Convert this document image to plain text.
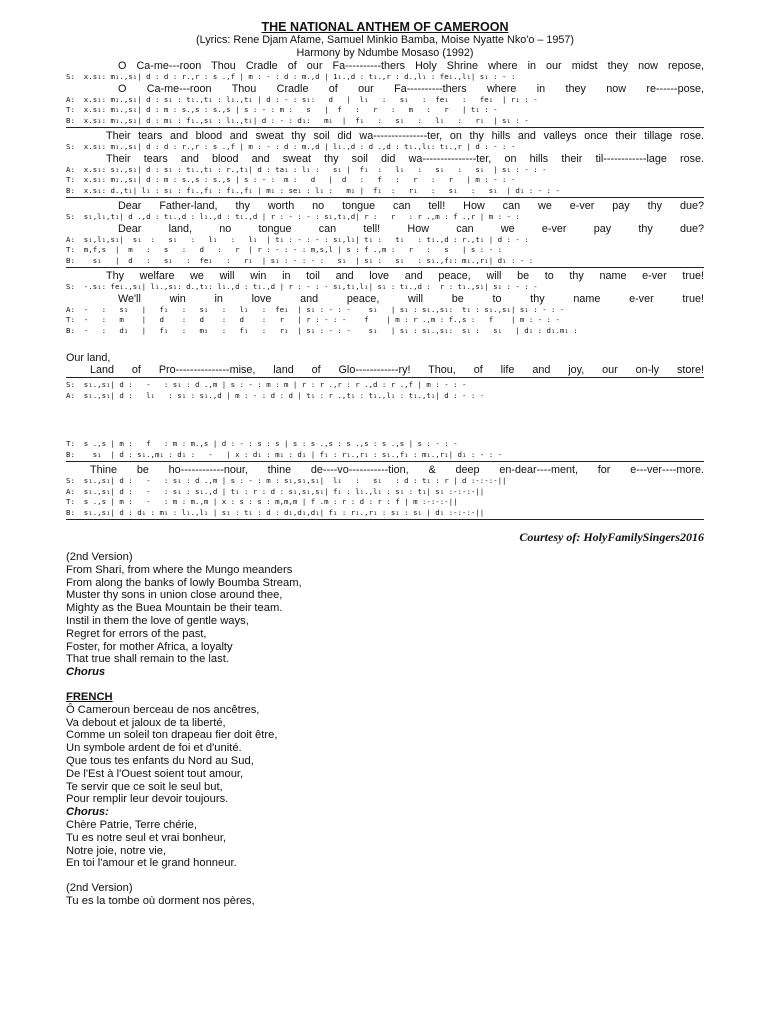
THE NATIONAL ANTHEM OF CAMEROON
(Lyrics: Rene Djam Afame, Samuel Minkio Bamba, Moise Nyatte Nko'o – 1957)
Harmony by Ndumbe Mosaso (1992)
O Ca-me---roon Thou Cradle of our Fa----------thers Holy Shrine where in our midst they now repose,
S:  x.s₁: m₁.,s₁| d : d : r.,r : s .,f | m : - : d : m.,d | 1₁.,d : t₁.,r : d.,l₁ : fe₁.,l₁| s₁ : - :
O Ca-me---roon Thou Cradle of our Fa----------thers where in they now re------pose,
A:  x.s₁: m₁.,s₁| d : s₁ : t₁.,t₁ : l₁.,t₁ | d : - : s₁:   d   |  l₁   :   s₁   :  fe₁   :   fe₁  | r₁ : -
T:  x.s₁: m₁.,s₁| d : m : s.,s : s.,s | s : - : m :   s   |  f   :   r   :   m   :   r   | t₁ : -
B:  x.s₁: m₁.,s₁| d : m₁ : f₁.,s₁ : l₁.,t₁| d : - : d₁:   m₁  |  f₁   :   s₁   :   l₁   :   r₁  | s₁ : -
Their tears and blood and sweat thy soil did wa---------------ter, on thy hills and valleys once their tillage rose.
S:  x.s₁: m₁.,s₁| d : d : r.,r : s .,f | m : - : d : m.,d | l₁.,d : d .,d : t₁.,l₁: t₁.,r | d : - : -
Their tears and blood and sweat thy soil did wa---------------ter, on hills their til------------lage rose.
A:  x.s₁: s₁.,s₁| d : s₁ : t₁.,t₁ : r.,t₁| d : ta₁ : l₁ :   s₁ |  f₁  :   l₁   :   s₁   :   s₁  | s₁ : - : -
T:  x.s₁: m₁.,s₁| d : m : s.,s : s.,s | s : - :  m :   d   |  d   :   f   :   r   :   r   | m : - : -
B:  x.s₁: d.,t₁| l₁ : s₁ : f₁.,f₁ : f₁.,f₁ | m₁ : se₁ : l₁ :   m₁ |  f₁  :   r₁   :   s₁   :   s₁  | d₁ : - : -
Dear Father-land, thy worth no tongue can tell! How can we e-ver pay thy due?
S:  s₁,l₁,t₁| d .,d : t₁.,d : l₁.,d : t₁.,d | r : - : - : s₁,t₁,d| r :   r   : r .,m : f .,r | m : - :
Dear land, no tongue can tell! How can we e-ver pay thy due?
A:  s₁,l₁,s₁|  s₁  :   s₁   :   l₁   :   l₁  | t₁ : - : - : s₁,l₁| t₁ :   t₁   : t₁.,d : r.,t₁ | d : - :
T:  m,f,s  |  m   :   s   :   d   :   r  | r : - : - : m,s,l | s : f .,m :   r   :   s   | s : - :
B:    s₁   |  d   :   s₁   :  fe₁   :   r₁  | s₁ : - : - :   s₁  | s₁ :   s₁   : s₁.,f₁: m₁.,r₁| d₁ : - :
Thy welfare we will win in toil and love and peace, will be to thy name e-ver true!
S:  -.s₁: fe₁.,s₁| l₁.,s₁: d.,t₁: l₁.,d : t₁.,d | r : - : - s₁,t₁,l₁| s₁ : t₁.,d :  r : t₁.,s₁| s₁ : - : -
We'll win in love and peace, will be to thy name e-ver true!
A:  -   :   s₁   |   f₁   :   s₁   :   l₁   :  fe₁  | s₁ : - : -    s₁   | s₁ : s₁.,s₁:  t₁ : s₁.,s₁| s₁ : - : -
T:  -   :   m    |   d    :   d    :   d    :   r   | r : - : -    f    | m : r .,m : f.,s :   f    | m : - : -
B:  -   :   d₁   |   f₁   :   m₁   :   f₁   :   r₁  | s₁ : - : -    s₁   | s₁ : s₁.,s₁:  s₁ :   s₁   | d₁ : d₁.m₁ :
Our land,
Land of Pro---------------mise, land of Glo------------ry! Thou, of life and joy, our on-ly store!
S:  s₁.,s₁| d :   -   : s₁ : d .,m | s : - : m : m | r : r .,r : r .,d : r .,f | m : - : -
A:  s₁.,s₁| d :   l₁   : s₁ : s₁.,d | m : - : d : d | t₁ : r .,t₁ : t₁.,l₁ : t₁.,t₁| d : - : -
T:  s .,s | m :   f   : m : m.,s | d : - : s : s | s : s .,s : s .,s : s .,s | s : - : -
B:    s₁  | d : s₁.,m₁ : d₁ :   -   | x : d₁ : m₁ : d₁ | f₁ : r₁.,r₁ : s₁.,f₁ : m₁.,r₁| d₁ : - : -
Thine be ho------------nour, thine de----vo-----------tion, & deep en-dear----ment, for e---ver----more.
S:  s₁.,s₁| d :   -   : s₁ : d .,m | s : - : m : s₁,s₁,s₁|  l₁   :   s₁   : d : t₁ : r | d :-:-:-||
A:  s₁.,s₁| d :   -   : s₁ : s₁.,d | t₁ : r : d : s₁,s₁,s₁| f₁ : l₁.,l₁ : s₁ : t₁| s₁ :-:-:-||
T:  s .,s | m :   -   : m : m.,m | x : s : s : m,m,m | f .m : r : d : r : f | m :-:-:-||
B:  s₁.,s₁| d : d₁ : m₁ : l₁.,l₁ | s₁ : t₁ : d : d₁,d₁,d₁| f₁ : r₁.,r₁ : s₁ : s₁ | d₁ :-:-:-||
Courtesy of: HolyFamilySingers2016
(2nd Version)
From Shari, from where the Mungo meanders
From along the banks of lowly Boumba Stream,
Muster thy sons in union close around thee,
Mighty as the Buea Mountain be their team.
Instil in them the love of gentle ways,
Regret for errors of the past,
Foster, for mother Africa, a loyalty
That true shall remain to the last.
Chorus
FRENCH
Ô Cameroun berceau de nos ancêtres,
Va debout et jaloux de ta liberté,
Comme un soleil ton drapeau fier doit être,
Un symbole ardent de foi et d'unité.
Que tous tes enfants du Nord au Sud,
De l'Est à l'Ouest soient tout amour,
Te servir que ce soit le seul but,
Pour remplir leur devoir toujours.
Chorus:
Chère Patrie, Terre chérie,
Tu es notre seul et vrai bonheur,
Notre joie, notre vie,
En toi l'amour et le grand honneur.
(2nd Version)
Tu es la tombe où dorment nos pères,
